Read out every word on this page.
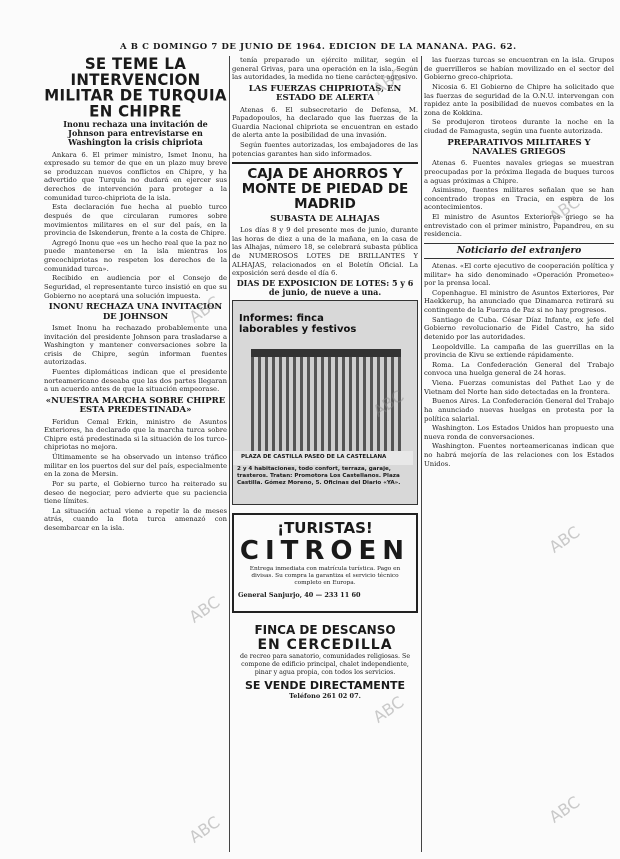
A B C DOMINGO 7 DE JUNIO DE 1964. EDICION DE LA MAÑANA. PAG. 62.
SE TEME LA INTERVENCION MILITAR DE TURQUIA EN CHIPRE
Inonu rechaza una invitación de Johnson para entrevistarse en Washington la crisis chipriota

Ankara 6. El primer ministro, Ismet Inonu, ha expresado su temor de que en un plazo muy breve se produzcan nuevos conflictos en Chipre, y ha advertido que Turquía no dudará en ejercer sus derechos de intervención para proteger a la comunidad turco-chipriota de la isla.

Esta declaración fue hecha al pueblo turco después de que circularan rumores sobre movimientos militares en el sur del país, en la provincia de Iskenderun, frente a la costa de Chipre.

Agregó Inonu que «es un hecho real que la paz no puede mantenerse en la isla mientras los grecochipriotas no respeten los derechos de la comunidad turca».

Recibido en audiencia por el Consejo de Seguridad, el representante turco insistió en que su Gobierno no aceptará una solución impuesta.

INONU RECHAZA UNA INVITACION DE JOHNSON

Ismet Inonu ha rechazado probablemente una invitación del presidente Johnson para trasladarse a Washington y mantener conversaciones sobre la crisis de Chipre, según informan fuentes autorizadas.

Fuentes diplomáticas indican que el presidente norteamericano deseaba que las dos partes llegaran a un acuerdo antes de que la situación empeorase.

«NUESTRA MARCHA SOBRE CHIPRE ESTA PREDESTINADA»

Feridun Cemal Erkin, ministro de Asuntos Exteriores, ha declarado que la marcha turca sobre Chipre está predestinada si la situación de los turco-chipriotas no mejora.

Últimamente se ha observado un intenso tráfico militar en los puertos del sur del país, especialmente en la zona de Mersin.

Por su parte, el Gobierno turco ha reiterado su deseo de negociar, pero advierte que su paciencia tiene límites.

La situación actual viene a repetir la de meses atrás, cuando la flota turca amenazó con desembarcar en la isla.

tenía preparado un ejército militar, según el general Grivas, para una operación en la isla. Según las autoridades, la medida no tiene carácter agresivo.

LAS FUERZAS CHIPRIOTAS, EN ESTADO DE ALERTA

Atenas 6. El subsecretario de Defensa, M. Papadopoulos, ha declarado que las fuerzas de la Guardia Nacional chipriota se encuentran en estado de alerta ante la posibilidad de una invasión.

Según fuentes autorizadas, los embajadores de las potencias garantes han sido informados.

CAJA DE AHORROS Y MONTE DE PIEDAD DE MADRID
SUBASTA DE ALHAJAS

Los días 8 y 9 del presente mes de junio, durante las horas de diez a una de la mañana, en la casa de las Alhajas, número 18, se celebrará subasta pública de NUMEROSOS LOTES DE BRILLANTES Y ALHAJAS, relacionados en el Boletín Oficial. La exposición será desde el día 6.

DIAS DE EXPOSICION DE LOTES: 5 y 6 de junio, de nueve a una.
Informes: finca laborables y festivos
PLAZA DE CASTILLA PASEO DE LA CASTELLANA
2 y 4 habitaciones, todo confort, terraza, garaje, trasteros. Tratan: Promotora Los Castellanos. Plaza Castilla. Gómez Moreno, 5. Oficinas del Diario «YA».
¡TURISTAS!
CITROEN
Entrega inmediata con matrícula turística. Pago en divisas. Su compra la garantiza el servicio técnico completo en Europa.
General Sanjurjo, 40 — 233 11 60
FINCA DE DESCANSO
EN CERCEDILLA
de recreo para sanatorio, comunidades religiosas. Se compone de edificio principal, chalet independiente, pinar y agua propia, con todos los servicios.
SE VENDE DIRECTAMENTE
Teléfono 261 02 07.

las fuerzas turcas se encuentran en la isla. Grupos de guerrilleros se habían movilizado en el sector del Gobierno greco-chipriota.

Nicosia 6. El Gobierno de Chipre ha solicitado que las fuerzas de seguridad de la O.N.U. intervengan con rapidez ante la posibilidad de nuevos combates en la zona de Kokkina.

Se produjeron tiroteos durante la noche en la ciudad de Famagusta, según una fuente autorizada.

PREPARATIVOS MILITARES Y NAVALES GRIEGOS

Atenas 6. Fuentes navales griegas se muestran preocupadas por la próxima llegada de buques turcos a aguas próximas a Chipre.

Asimismo, fuentes militares señalan que se han concentrado tropas en Tracia, en espera de los acontecimientos.

El ministro de Asuntos Exteriores griego se ha entrevistado con el primer ministro, Papandreu, en su residencia.

Noticiario del extranjero

Atenas. «El corte ejecutivo de cooperación política y militar» ha sido denominado «Operación Prometeo» por la prensa local.

Copenhague. El ministro de Asuntos Exteriores, Per Haekkerup, ha anunciado que Dinamarca retirará su contingente de la Fuerza de Paz si no hay progresos.

Santiago de Cuba. César Díaz Infante, ex jefe del Gobierno revolucionario de Fidel Castro, ha sido detenido por las autoridades.

Leopoldville. La campaña de las guerrillas en la provincia de Kivu se extiende rápidamente.

Roma. La Confederación General del Trabajo convoca una huelga general de 24 horas.

Viena. Fuerzas comunistas del Pathet Lao y de Vietnam del Norte han sido detectadas en la frontera.

Buenos Aires. La Confederación General del Trabajo ha anunciado nuevas huelgas en protesta por la política salarial.

Washington. Los Estados Unidos han propuesto una nueva ronda de conversaciones.

Washington. Fuentes norteamericanas indican que no habrá mejoría de las relaciones con los Estados Unidos.

ABC
ABC
ABC
ABC
ABC
ABC
ABC
ABC
ABC
